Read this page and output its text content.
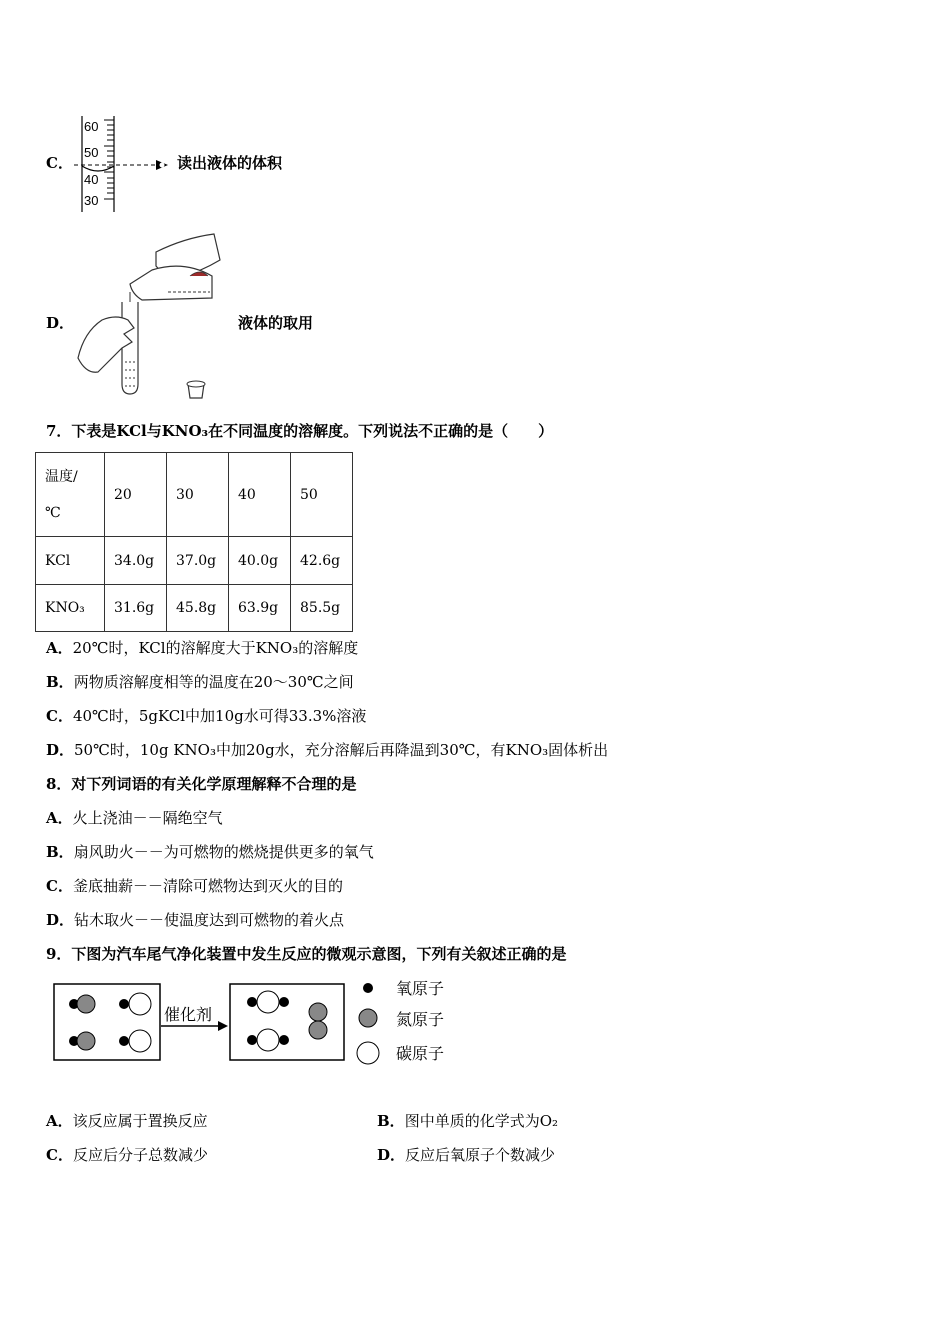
C．
60
50
40
30
读出液体的体积
D．	液体的取用
7．下表是KCl与KNO₃在不同温度的溶解度。下列说法不正确的是（　　）
温度/
℃	20	30	40	50
KCl	34.0g	37.0g	40.0g	42.6g
KNO₃	31.6g	45.8g	63.9g	85.5g
A．20℃时，KCl的溶解度大于KNO₃的溶解度
B．两物质溶解度相等的温度在20～30℃之间
C．40℃时，5gKCl中加10g水可得33.3%溶液
D．50℃时，10g KNO₃中加20g水，充分溶解后再降温到30℃，有KNO₃固体析出
8．对下列词语的有关化学原理解释不合理的是
A．火上浇油－－隔绝空气
B．扇风助火－－为可燃物的燃烧提供更多的氧气
C．釜底抽薪－－清除可燃物达到灭火的目的
D．钻木取火－－使温度达到可燃物的着火点
9．下图为汽车尾气净化装置中发生反应的微观示意图，下列有关叙述正确的是
催化剂
氧原子
氮原子
碳原子
A．该反应属于置换反应	B．图中单质的化学式为O₂
C．反应后分子总数减少	D．反应后氧原子个数减少
